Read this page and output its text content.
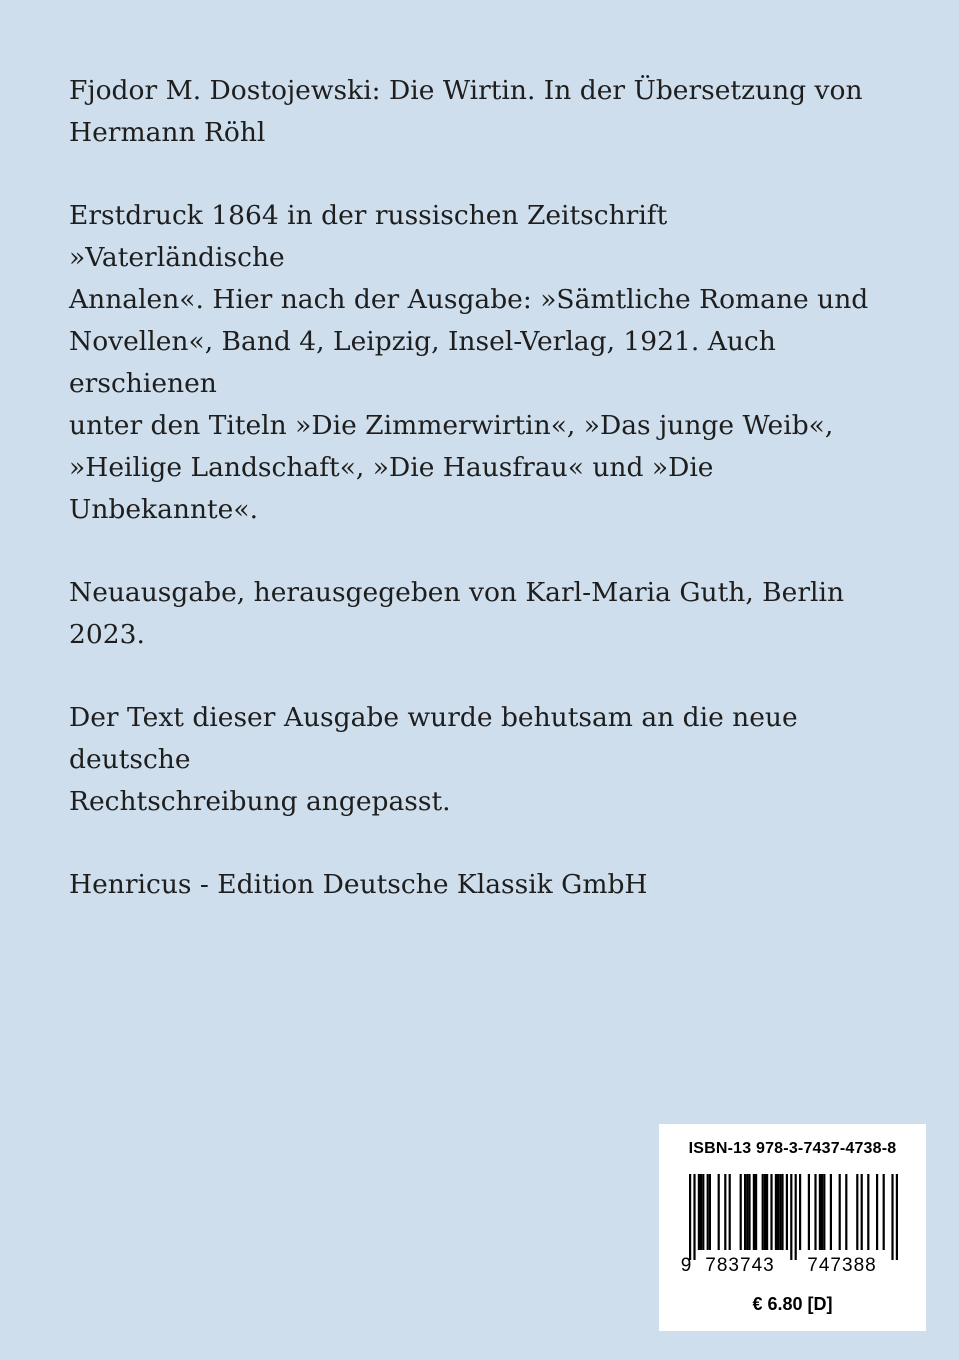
Fjodor M. Dostojewski: Die Wirtin. In der Übersetzung von
Hermann Röhl

Erstdruck 1864 in der russischen Zeitschrift »Vaterländische
Annalen«. Hier nach der Ausgabe: »Sämtliche Romane und
Novellen«, Band 4, Leipzig, Insel-Verlag, 1921. Auch erschienen
unter den Titeln »Die Zimmerwirtin«, »Das junge Weib«,
»Heilige Landschaft«, »Die Hausfrau« und »Die Unbekannte«.

Neuausgabe, herausgegeben von Karl-Maria Guth, Berlin 2023.

Der Text dieser Ausgabe wurde behutsam an die neue deutsche
Rechtschreibung angepasst.

Henricus - Edition Deutsche Klassik GmbH

ISBN-13 978-3-7437-4738-8
9 783743 747388
€ 6.80 [D]
